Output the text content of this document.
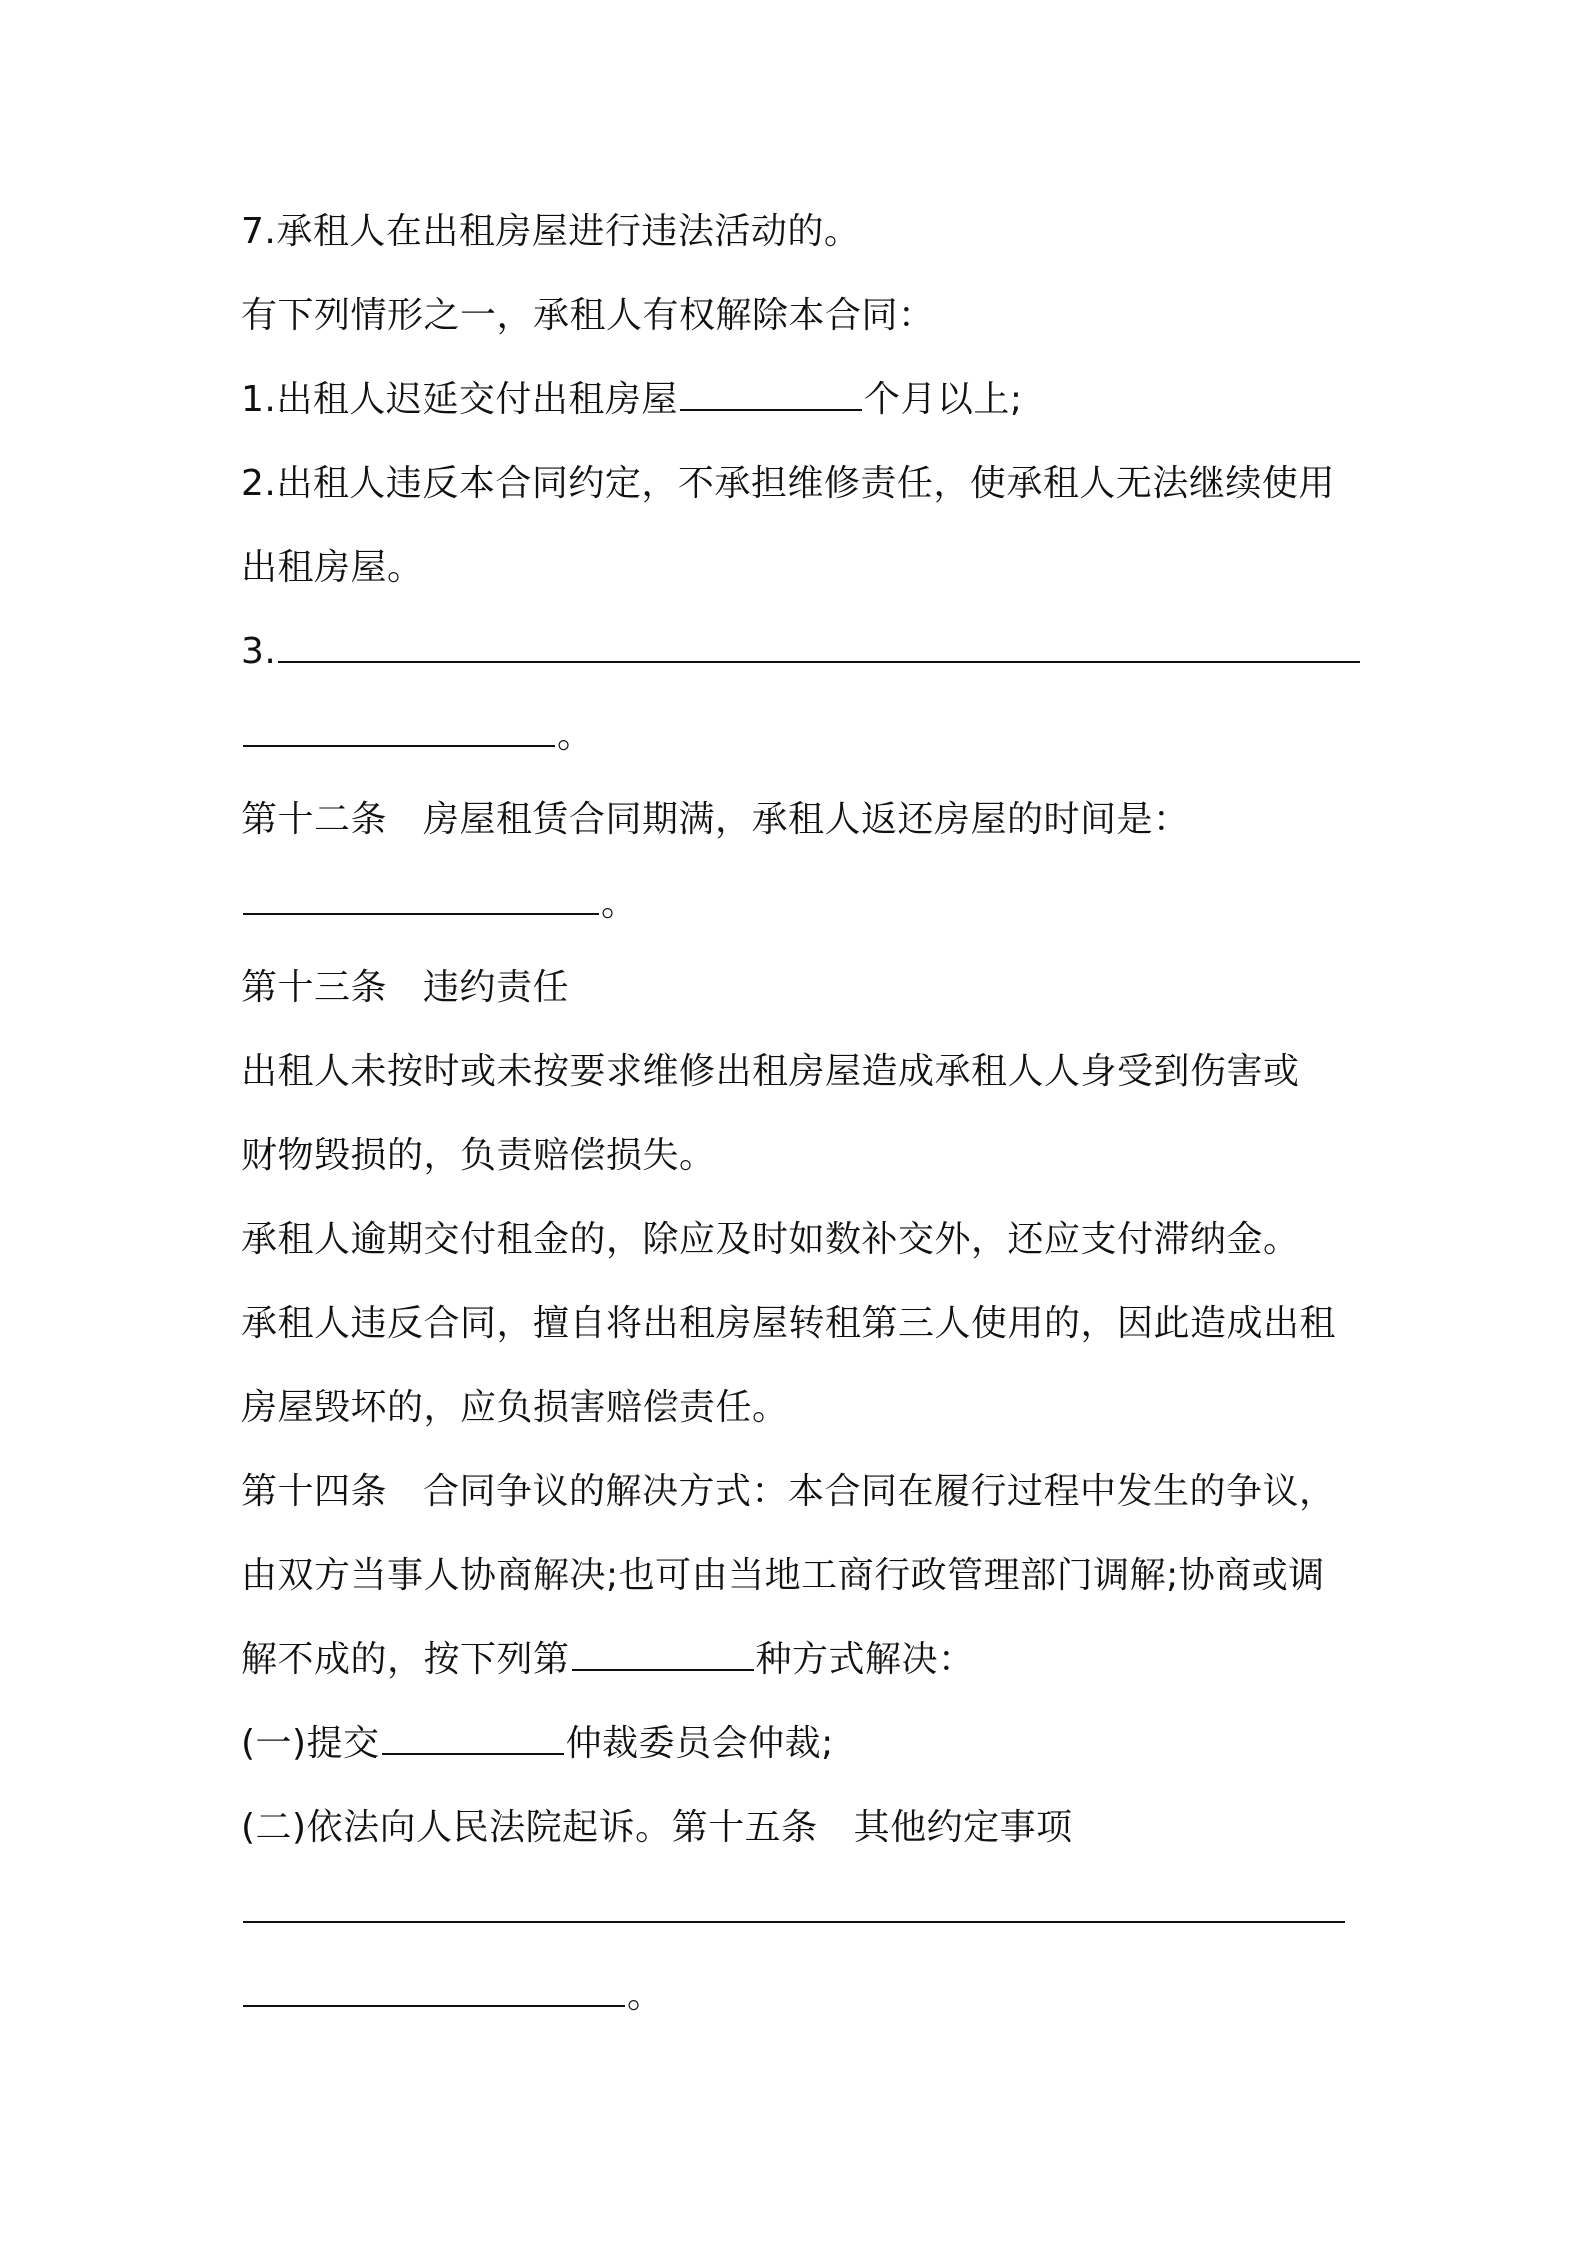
7.承租人在出租房屋进行违法活动的。
有下列情形之一，承租人有权解除本合同：
1.出租人迟延交付出租房屋	个月以上;
2.出租人违反本合同约定，不承担维修责任，使承租人无法继续使用
出租房屋。
3.
。
第十二条 房屋租赁合同期满，承租人返还房屋的时间是：
。
第十三条 违约责任
出租人未按时或未按要求维修出租房屋造成承租人人身受到伤害或
财物毁损的，负责赔偿损失。
承租人逾期交付租金的，除应及时如数补交外，还应支付滞纳金。
承租人违反合同，擅自将出租房屋转租第三人使用的，因此造成出租
房屋毁坏的，应负损害赔偿责任。
第十四条 合同争议的解决方式：本合同在履行过程中发生的争议，
由双方当事人协商解决;也可由当地工商行政管理部门调解;协商或调
解不成的，按下列第	种方式解决：
(一)提交	仲裁委员会仲裁;
(二)依法向人民法院起诉。第十五条 其他约定事项
。
